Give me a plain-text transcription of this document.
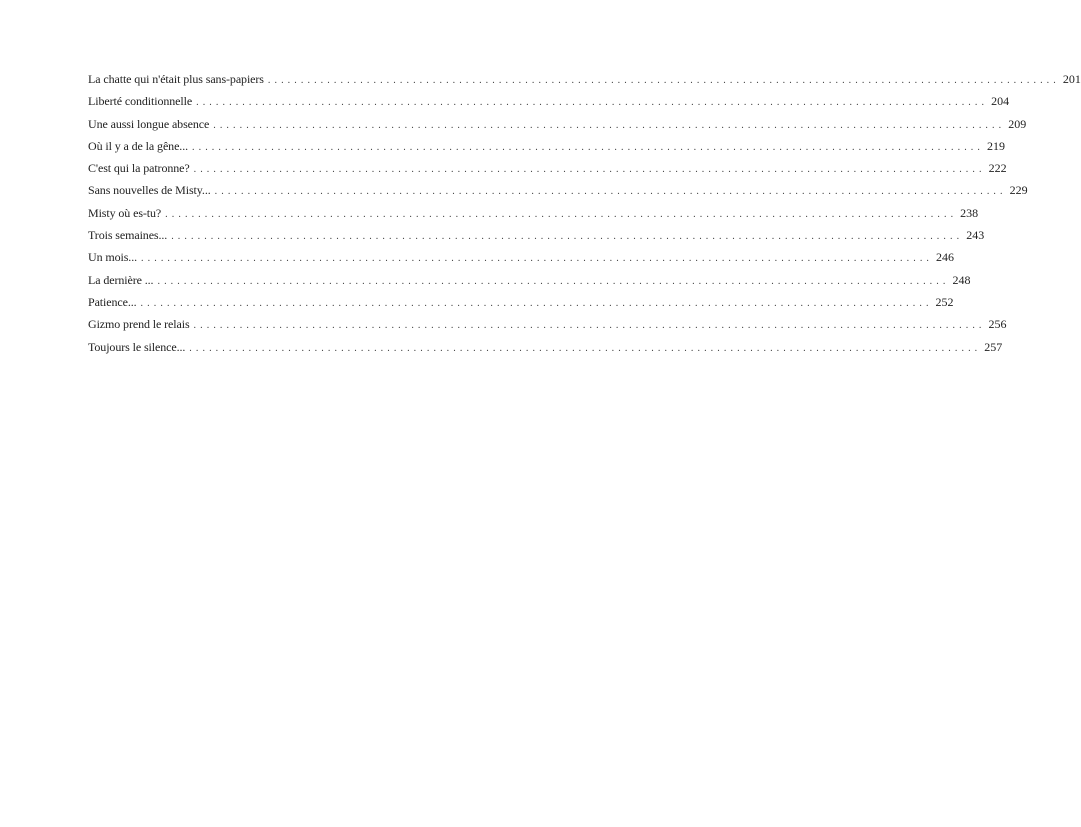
La chatte qui n'était plus sans-papiers ........................................................................................................................ 201
Liberté conditionnelle ........................................................................................................................ 204
Une aussi longue absence ........................................................................................................................ 209
Où il y a de la gêne... ........................................................................................................................ 219
C'est qui la patronne? ........................................................................................................................ 222
Sans nouvelles de Misty... ........................................................................................................................ 229
Misty où es-tu? ........................................................................................................................ 238
Trois semaines... ........................................................................................................................ 243
Un mois... ........................................................................................................................ 246
La dernière ... ........................................................................................................................ 248
Patience... ........................................................................................................................ 252
Gizmo prend le relais ........................................................................................................................ 256
Toujours le silence... ........................................................................................................................ 257
